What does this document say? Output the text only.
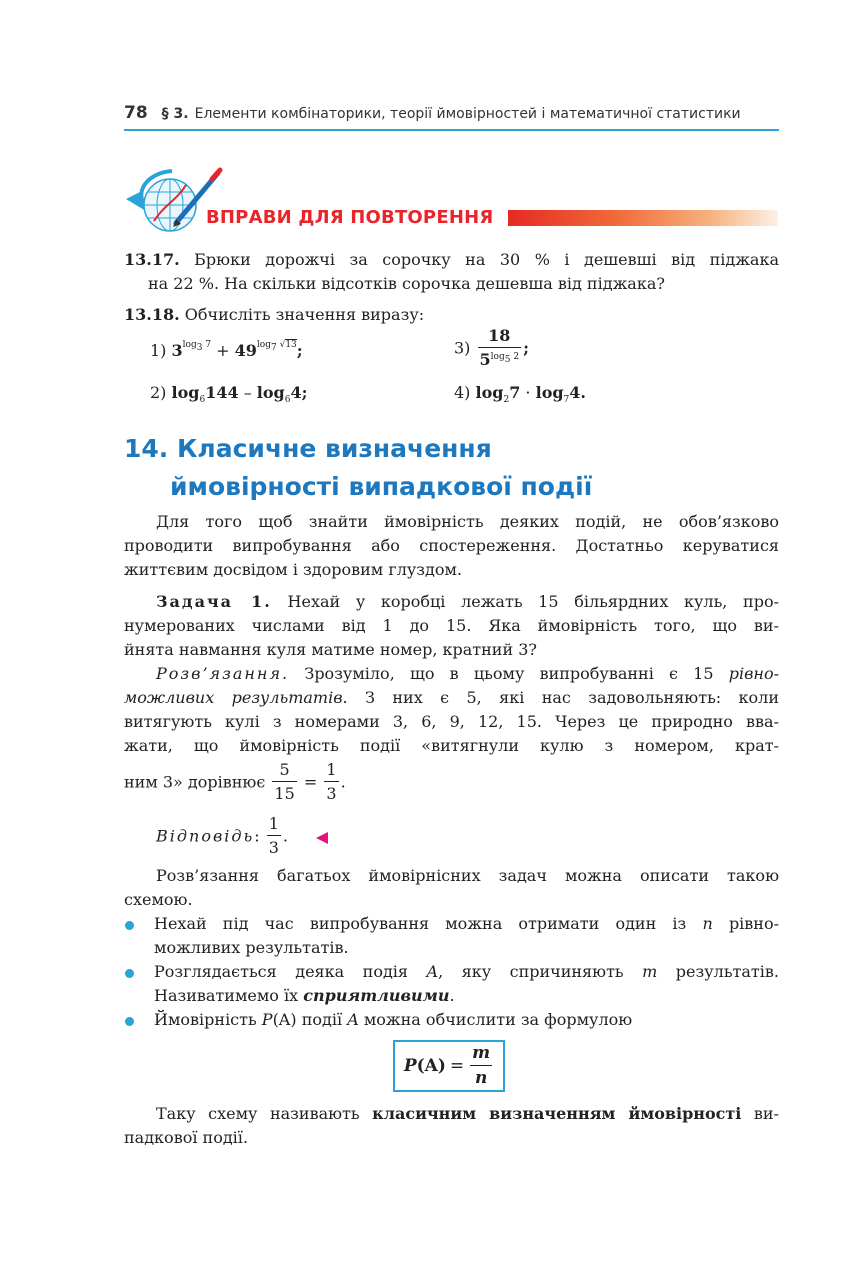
78 § 3. Елементи комбінаторики, теорії ймовірностей і математичної статистики
ВПРАВИ ДЛЯ ПОВТОРЕННЯ
13.17. Брюки дорожчі за сорочку на 30 % і дешевші від піджака
на 22 %. На скільки відсотків сорочка дешевша від піджака?
13.18. Обчисліть значення виразу:
1) $3^{log_3 7} + 49^{log_7 √13}$;	$3) \frac{18}{5^{log_5 2}}$ ;
2) $\log_6144 - \log_64$;	4) $\log_27 \cdot \log_74$.
14. Класичне визначення
ймовірності випадкової події
Для того щоб знайти ймовірність деяких подій, не обов’язково
проводити випробування або спостереження. Достатньо керуватися
життєвим досвідом і здоровим глуздом.
Задача 1. Нехай у коробці лежать 15 більярдних куль, про-
нумерованих числами від 1 до 15. Яка ймовірність того, що ви-
йнята навмання куля матиме номер, кратний 3?
Розв’язання. Зрозуміло, що в цьому випробуванні є 15 рівно-
можливих результатів. З них є 5, які нас задовольняють: коли
витягують кулі з номерами 3, 6, 9, 12, 15. Через це природно вва-
жати, що ймовірність події «витягнули кулю з номером, крат-
ним 3» дорівнює $\frac{5}{15} = \frac{1}{3}$ .
Відповідь: $\frac{1}{3}$ .
Розв’язання багатьох ймовірнісних задач можна описати такою
схемою.
Нехай під час випробування можна отримати один із n рівно-
можливих результатів.
Розглядається деяка подія A, яку спричиняють m результатів.
Називатимемо їх сприятливими.
Ймовірність P(A) події A можна обчислити за формулою
P $(A) = \frac{m}{n}$
Таку схему називають класичним визначенням ймовірності ви-
падкової події.
